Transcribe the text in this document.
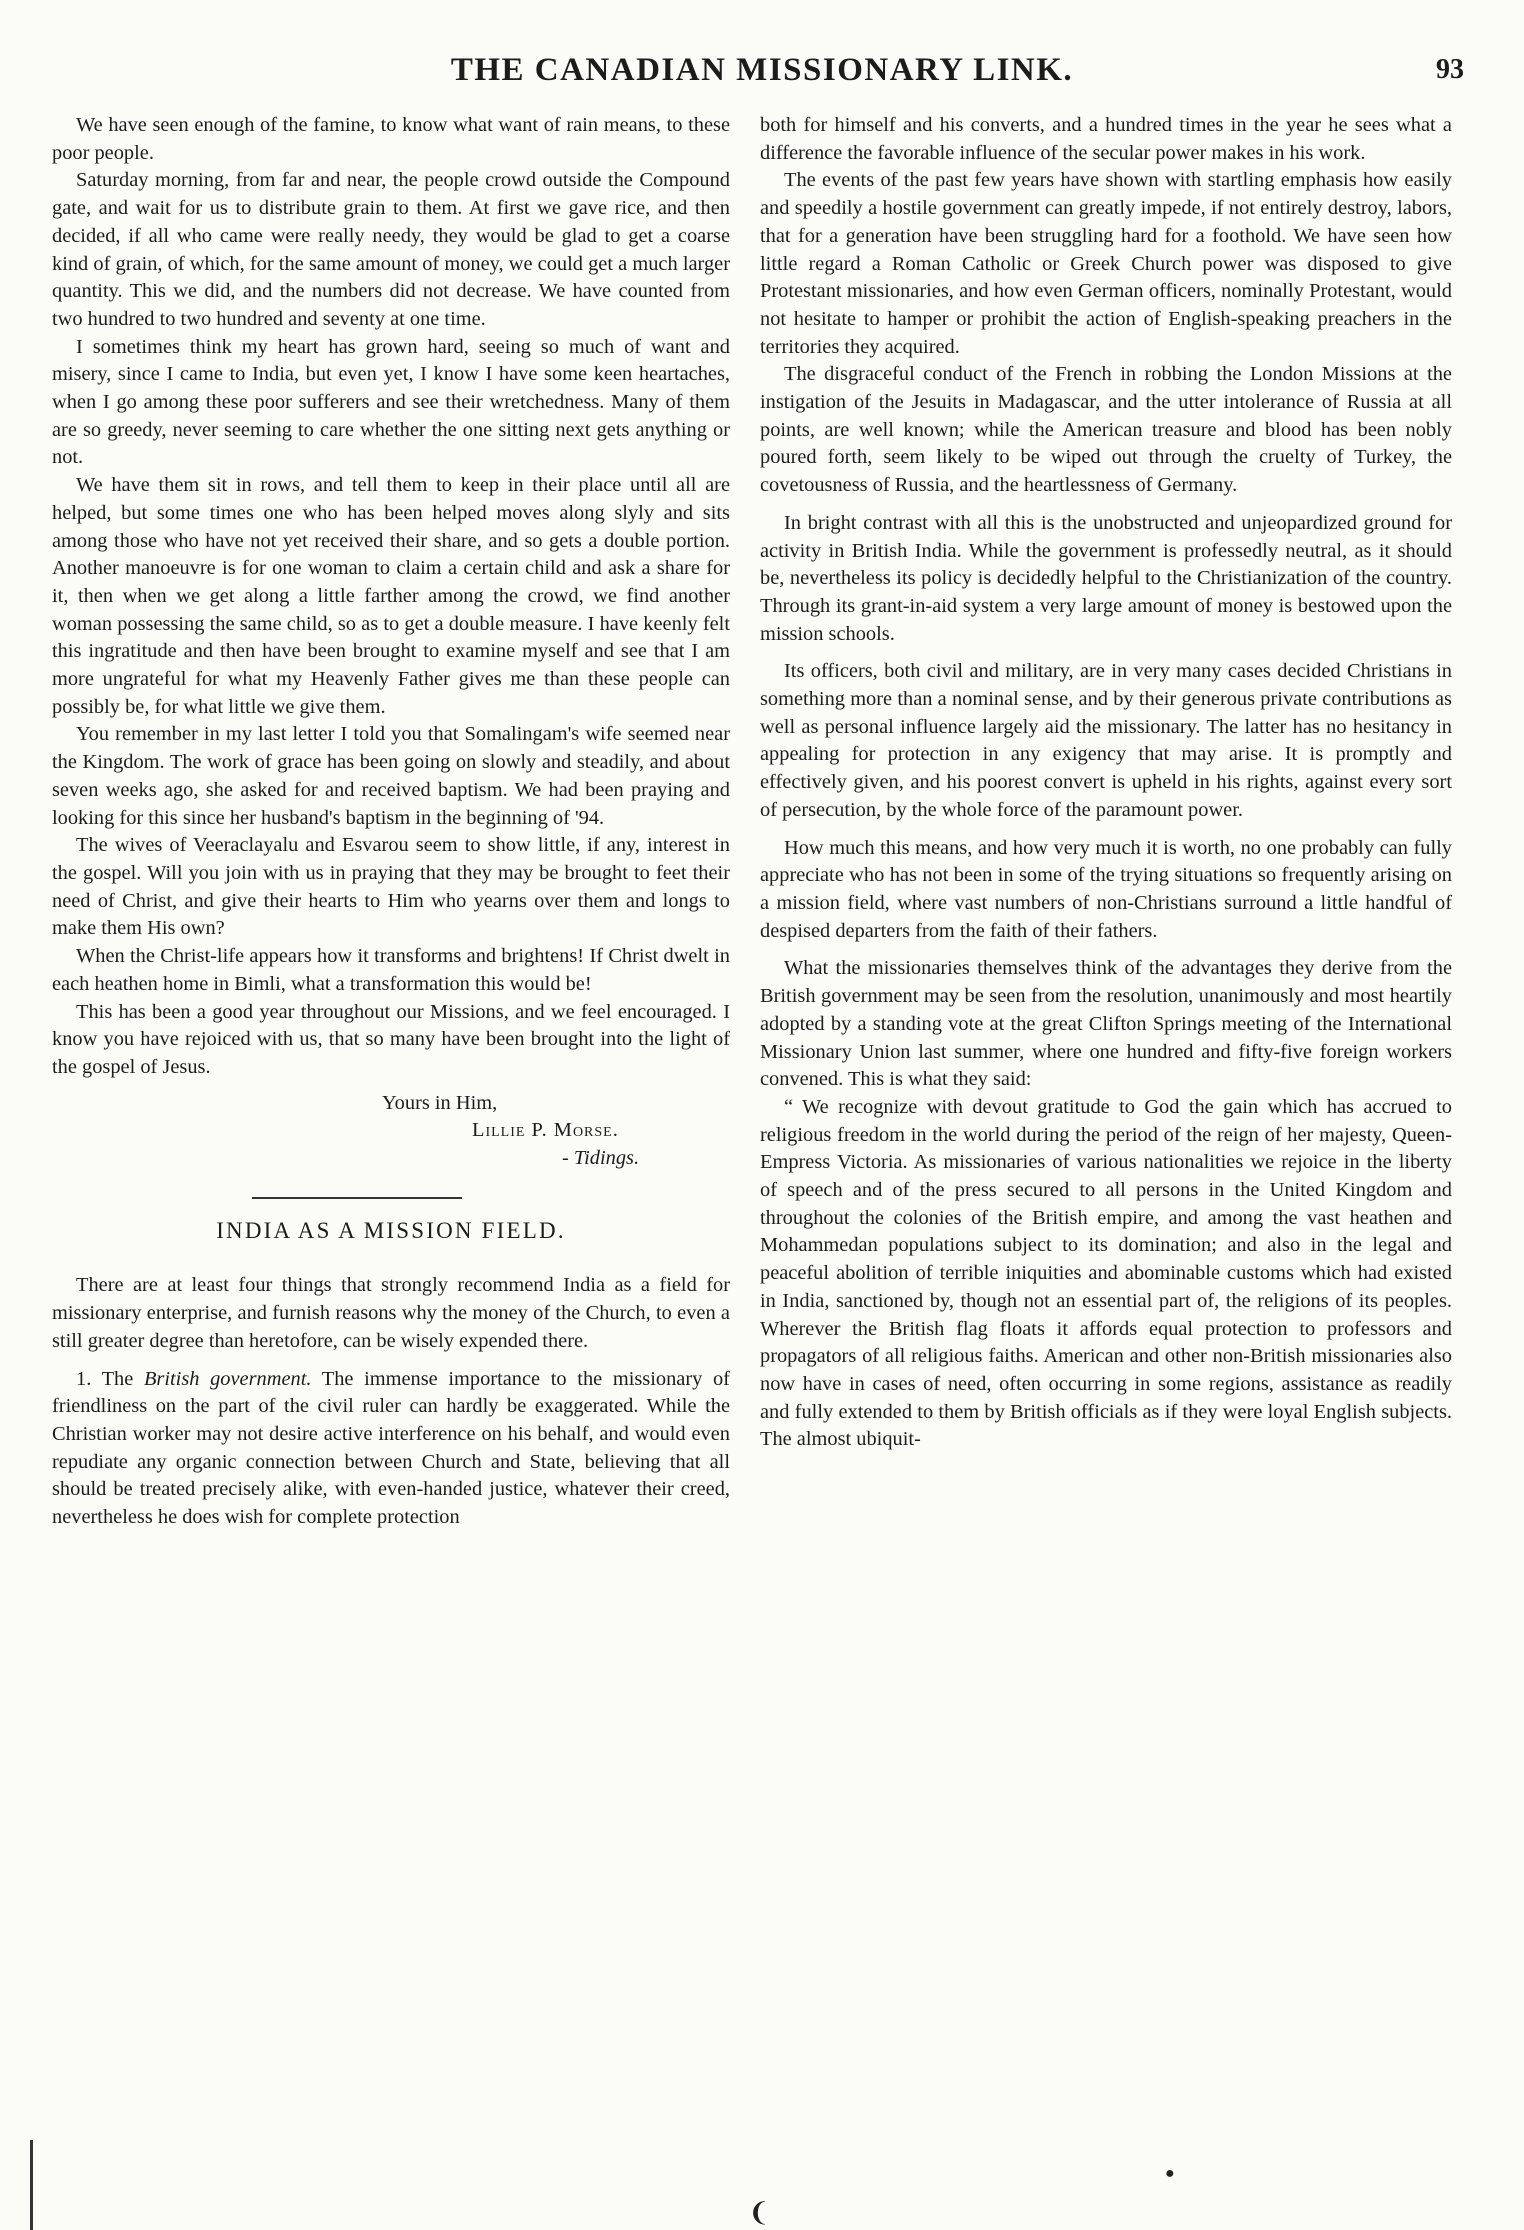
THE CANADIAN MISSIONARY LINK.	93

We have seen enough of the famine, to know what want of rain means, to these poor people.

Saturday morning, from far and near, the people crowd outside the Compound gate, and wait for us to distribute grain to them. At first we gave rice, and then decided, if all who came were really needy, they would be glad to get a coarse kind of grain, of which, for the same amount of money, we could get a much larger quantity. This we did, and the numbers did not decrease. We have counted from two hundred to two hundred and seventy at one time.

I sometimes think my heart has grown hard, seeing so much of want and misery, since I came to India, but even yet, I know I have some keen heartaches, when I go among these poor sufferers and see their wretchedness. Many of them are so greedy, never seeming to care whether the one sitting next gets anything or not.

We have them sit in rows, and tell them to keep in their place until all are helped, but some times one who has been helped moves along slyly and sits among those who have not yet received their share, and so gets a double portion. Another manoeuvre is for one woman to claim a certain child and ask a share for it, then when we get along a little farther among the crowd, we find another woman possessing the same child, so as to get a double measure. I have keenly felt this ingratitude and then have been brought to examine myself and see that I am more ungrateful for what my Heavenly Father gives me than these people can possibly be, for what little we give them.

You remember in my last letter I told you that Somalingam's wife seemed near the Kingdom. The work of grace has been going on slowly and steadily, and about seven weeks ago, she asked for and received baptism. We had been praying and looking for this since her husband's baptism in the beginning of '94.

The wives of Veeraclayalu and Esvarou seem to show little, if any, interest in the gospel. Will you join with us in praying that they may be brought to feet their need of Christ, and give their hearts to Him who yearns over them and longs to make them His own?

When the Christ-life appears how it transforms and brightens! If Christ dwelt in each heathen home in Bimli, what a transformation this would be!

This has been a good year throughout our Missions, and we feel encouraged. I know you have rejoiced with us, that so many have been brought into the light of the gospel of Jesus.

Yours in Him,
Lillie P. Morse.
- Tidings.
INDIA AS A MISSION FIELD.

There are at least four things that strongly recommend India as a field for missionary enterprise, and furnish reasons why the money of the Church, to even a still greater degree than heretofore, can be wisely expended there.

1. The British government. The immense importance to the missionary of friendliness on the part of the civil ruler can hardly be exaggerated. While the Christian worker may not desire active interference on his behalf, and would even repudiate any organic connection between Church and State, believing that all should be treated precisely alike, with even-handed justice, whatever their creed, nevertheless he does wish for complete protection

both for himself and his converts, and a hundred times in the year he sees what a difference the favorable influence of the secular power makes in his work.

The events of the past few years have shown with startling emphasis how easily and speedily a hostile government can greatly impede, if not entirely destroy, labors, that for a generation have been struggling hard for a foothold. We have seen how little regard a Roman Catholic or Greek Church power was disposed to give Protestant missionaries, and how even German officers, nominally Protestant, would not hesitate to hamper or prohibit the action of English-speaking preachers in the territories they acquired.

The disgraceful conduct of the French in robbing the London Missions at the instigation of the Jesuits in Madagascar, and the utter intolerance of Russia at all points, are well known; while the American treasure and blood has been nobly poured forth, seem likely to be wiped out through the cruelty of Turkey, the covetousness of Russia, and the heartlessness of Germany.

In bright contrast with all this is the unobstructed and unjeopardized ground for activity in British India. While the government is professedly neutral, as it should be, nevertheless its policy is decidedly helpful to the Christianization of the country. Through its grant-in-aid system a very large amount of money is bestowed upon the mission schools.

Its officers, both civil and military, are in very many cases decided Christians in something more than a nominal sense, and by their generous private contributions as well as personal influence largely aid the missionary. The latter has no hesitancy in appealing for protection in any exigency that may arise. It is promptly and effectively given, and his poorest convert is upheld in his rights, against every sort of persecution, by the whole force of the paramount power.

How much this means, and how very much it is worth, no one probably can fully appreciate who has not been in some of the trying situations so frequently arising on a mission field, where vast numbers of non-Christians surround a little handful of despised departers from the faith of their fathers.

What the missionaries themselves think of the advantages they derive from the British government may be seen from the resolution, unanimously and most heartily adopted by a standing vote at the great Clifton Springs meeting of the International Missionary Union last summer, where one hundred and fifty-five foreign workers convened. This is what they said:

“ We recognize with devout gratitude to God the gain which has accrued to religious freedom in the world during the period of the reign of her majesty, Queen-Empress Victoria. As missionaries of various nationalities we rejoice in the liberty of speech and of the press secured to all persons in the United Kingdom and throughout the colonies of the British empire, and among the vast heathen and Mohammedan populations subject to its domination; and also in the legal and peaceful abolition of terrible iniquities and abominable customs which had existed in India, sanctioned by, though not an essential part of, the religions of its peoples. Wherever the British flag floats it affords equal protection to professors and propagators of all religious faiths. American and other non-British missionaries also now have in cases of need, often occurring in some regions, assistance as readily and fully extended to them by British officials as if they were loyal English subjects. The almost ubiquit-

●
❨
